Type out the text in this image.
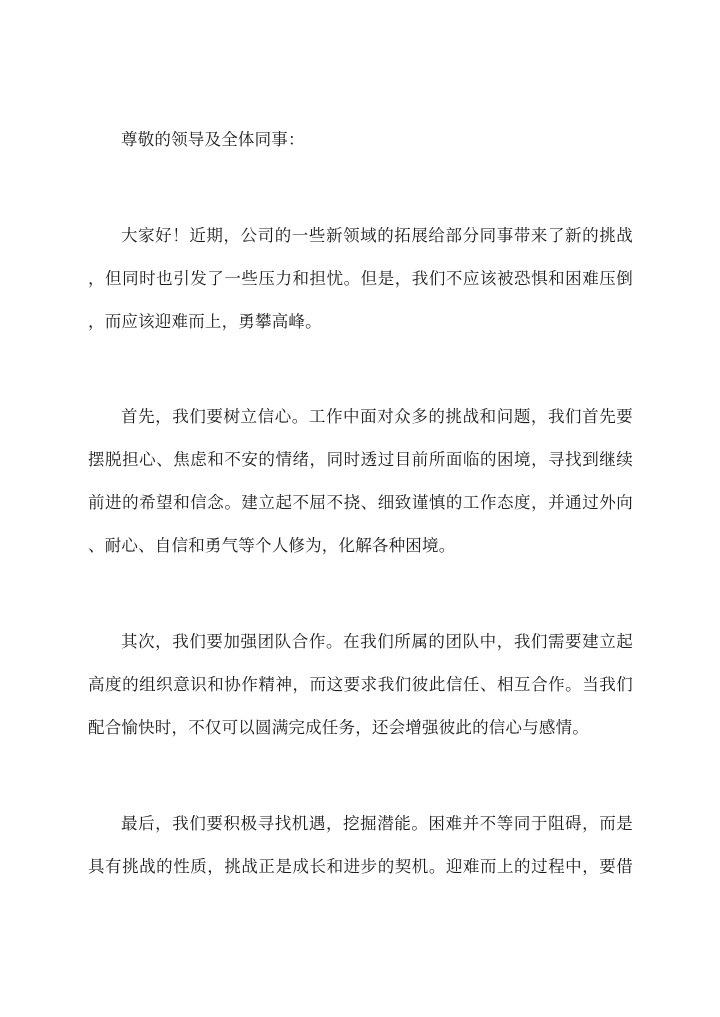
尊敬的领导及全体同事：
大家好！近期，公司的一些新领域的拓展给部分同事带来了新的挑战
，但同时也引发了一些压力和担忧。但是，我们不应该被恐惧和困难压倒
，而应该迎难而上，勇攀高峰。
首先，我们要树立信心。工作中面对众多的挑战和问题，我们首先要
摆脱担心、焦虑和不安的情绪，同时透过目前所面临的困境，寻找到继续
前进的希望和信念。建立起不屈不挠、细致谨慎的工作态度，并通过外向
、耐心、自信和勇气等个人修为，化解各种困境。
其次，我们要加强团队合作。在我们所属的团队中，我们需要建立起
高度的组织意识和协作精神，而这要求我们彼此信任、相互合作。当我们
配合愉快时，不仅可以圆满完成任务，还会增强彼此的信心与感情。
最后，我们要积极寻找机遇，挖掘潜能。困难并不等同于阻碍，而是
具有挑战的性质，挑战正是成长和进步的契机。迎难而上的过程中，要借
